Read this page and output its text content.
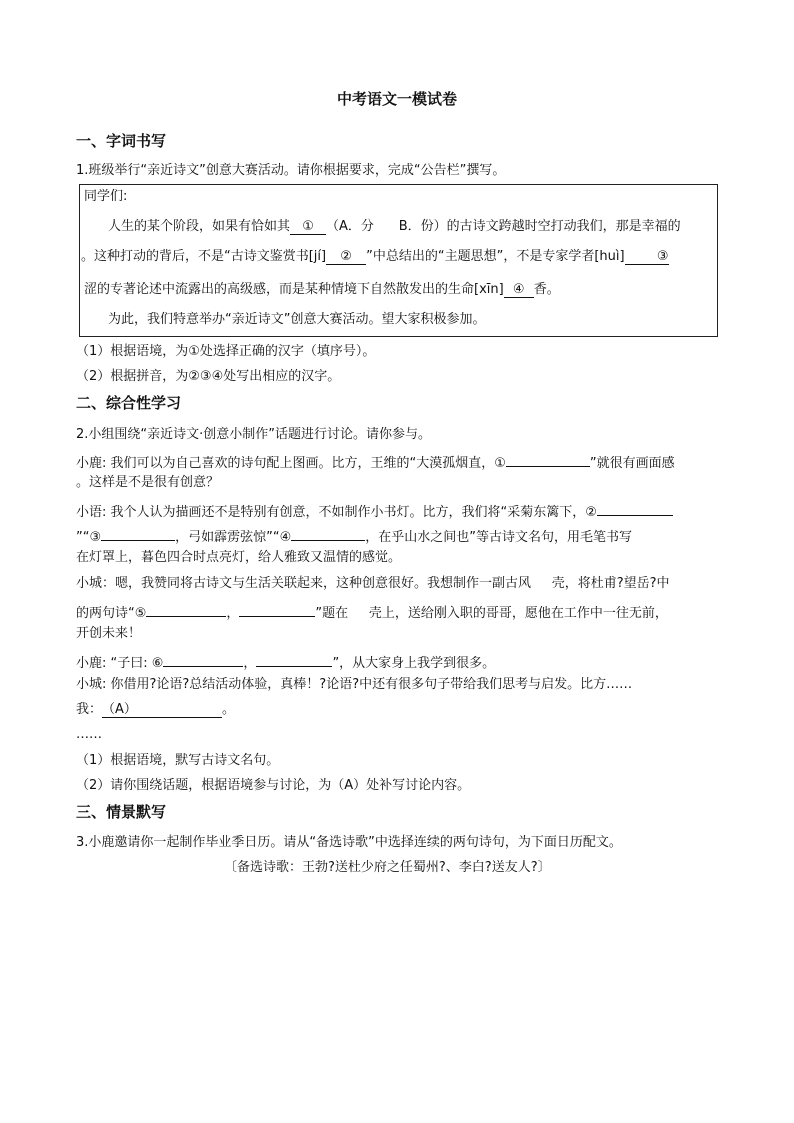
中考语文一模试卷
一、字词书写
1.班级举行“亲近诗文”创意大赛活动。请你根据要求，完成“公告栏”撰写。
同学们:
人生的某个阶段，如果有恰如其 ① （A．分 B．份）的古诗文跨越时空打动我们，那是幸福的
。这种打动的背后，不是“古诗文鉴赏书[jí] ② ”中总结出的“主题思想”，不是专家学者[huì] ③
涩的专著论述中流露出的高级感，而是某种情境下自然散发出的生命[xīn] ④ 香。
为此，我们特意举办“亲近诗文”创意大赛活动。望大家积极参加。
（1）根据语境，为①处选择正确的汉字（填序号）。
（2）根据拼音，为②③④处写出相应的汉字。
二、综合性学习
2.小组围绕“亲近诗文·创意小制作”话题进行讨论。请你参与。
小鹿: 我们可以为自己喜欢的诗句配上图画。比方，王维的“大漠孤烟直，①	”就很有画面感
。这样是不是很有创意？
小语: 我个人认为描画还不是特别有创意，不如制作小书灯。比方，我们将“采菊东篱下，②
”“③	，弓如霹雳弦惊”“④	，在乎山水之间也”等古诗文名句，用毛笔书写
在灯罩上，暮色四合时点亮灯，给人雅致又温情的感觉。
小城：嗯，我赞同将古诗文与生活关联起来，这种创意很好。我想制作一副古风 壳，将杜甫?望岳?中
的两句诗“⑤	，	”题在 壳上，送给刚入职的哥哥，愿他在工作中一往无前，
开创未来！
小鹿: “子曰: ⑥	，	”，从大家身上我学到很多。
小城: 你借用?论语?总结活动体验，真棒！?论语?中还有很多句子带给我们思考与启发。比方……
我：（A）	。
……
（1）根据语境，默写古诗文名句。
（2）请你围绕话题，根据语境参与讨论，为（A）处补写讨论内容。
三、情景默写
3.小鹿邀请你一起制作毕业季日历。请从“备选诗歌”中选择连续的两句诗句，为下面日历配文。
〔备选诗歌：王勃?送杜少府之任蜀州?、李白?送友人?〕
